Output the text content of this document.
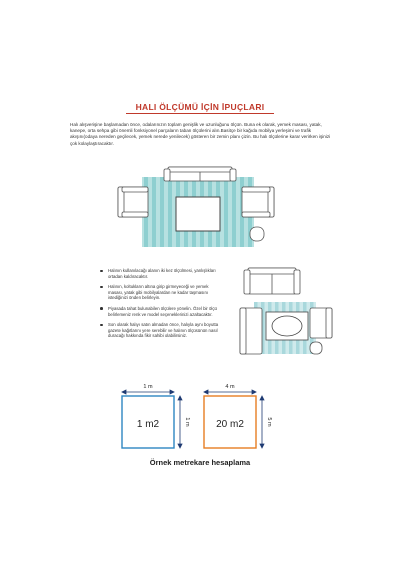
HALI ÖLÇÜMÜ İÇİN İPUÇLARI

Halı alışverişine başlamadan önce, odalarınızın toplam genişlik ve uzunluğunu ölçün. Buna ek olarak, yemek masası, yatak, kanepe, orta sehpa gibi önemli fonksiyonel parçaların taban ölçülerini alın.Basitçe bir kağıda mobilya yerleşimi ve trafik akışını(odaya nereden geçilecek, yemek nerede yenilecek) gösteren bir zemin planı çizin. Bu halı ölçülerine karar verirken işinizi çok kolaylaştıracaktır.

Halının kullanılacağı alanın iki kez ölçülmesi, yanlışlıkları ortadan kaldıracaktır.
Halının, koltukların altına girip girmeyeceği ve yemek masası, yatak gibi mobilyalardan ne kadar taşmasını istediğinizi önden belirleyin.
Piyasada tahat bulunabilen ölçülere yönelin. Özel bir ölçü belirlemeniz renk ve model seçeneklerinizi azaltacaktır.
Son olarak halıyı satın almadan önce, halıyla aynı boyutta gazete kağıtlarını yere serebilir ve halının ölçüsünün nasıl duracağı hakkında fikir sahibi olabilirsiniz.
1 m
1 m2	1 m
4 m
20 m2	5 m
Örnek metrekare hesaplama
